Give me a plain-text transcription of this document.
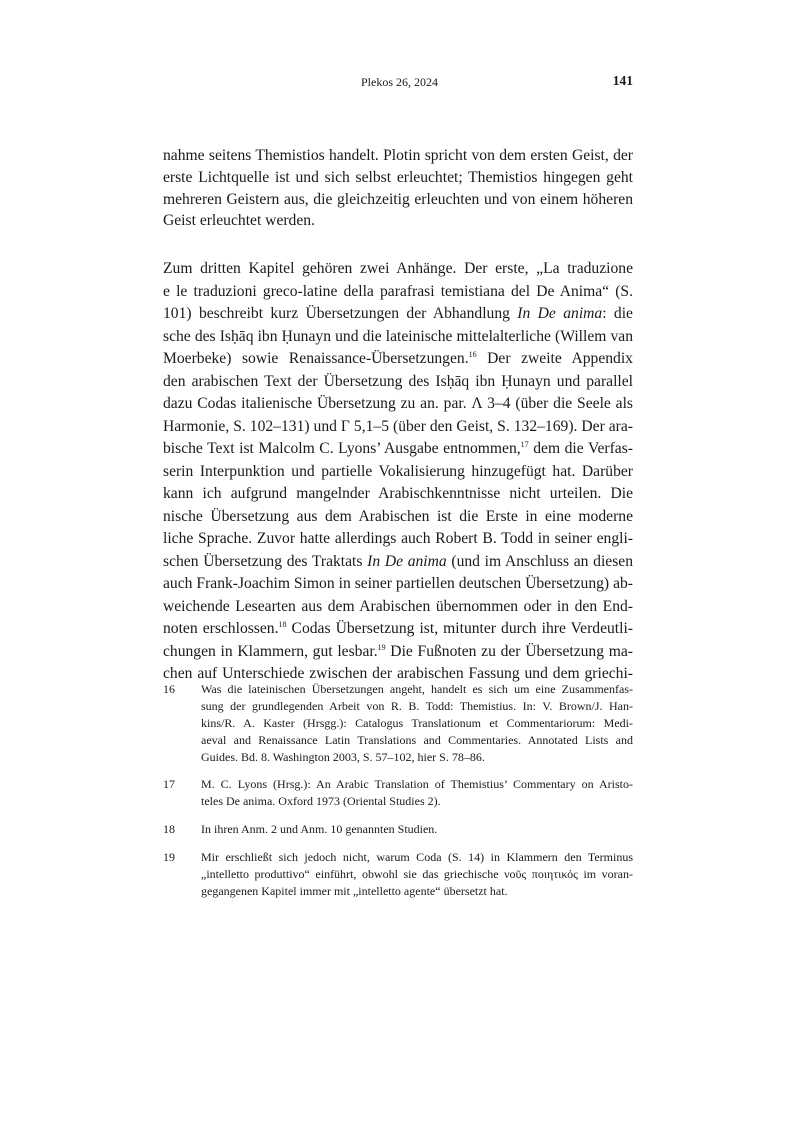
Plekos 26, 2024	141
nahme seitens Themistios handelt. Plotin spricht von dem ersten Geist, der
erste Lichtquelle ist und sich selbst erleuchtet; Themistios hingegen geht
mehreren Geistern aus, die gleichzeitig erleuchten und von einem höheren
Geist erleuchtet werden.
Zum dritten Kapitel gehören zwei Anhänge. Der erste, „La traduzione
e le traduzioni greco-latine della parafrasi temistiana del De Anima“ (S.
101) beschreibt kurz Übersetzungen der Abhandlung In De anima: die
sche des Isḥāq ibn Ḥunayn und die lateinische mittelalterliche (Willem van
Moerbeke) sowie Renaissance-Übersetzungen.$^{16}$ Der zweite Appendix
den arabischen Text der Übersetzung des Isḥāq ibn Ḥunayn und parallel
dazu Codas italienische Übersetzung zu an. par. Λ 3–4 (über die Seele als
Harmonie, S. 102–131) und Γ 5,1–5 (über den Geist, S. 132–169). Der ara-
bische Text ist Malcolm C. Lyons’ Ausgabe entnommen,$^{17}$ dem die Verfas-
serin Interpunktion und partielle Vokalisierung hinzugefügt hat. Darüber
kann ich aufgrund mangelnder Arabischkenntnisse nicht urteilen. Die
nische Übersetzung aus dem Arabischen ist die Erste in eine moderne
liche Sprache. Zuvor hatte allerdings auch Robert B. Todd in seiner engli-
schen Übersetzung des Traktats In De anima (und im Anschluss an diesen
auch Frank-Joachim Simon in seiner partiellen deutschen Übersetzung) ab-
weichende Lesearten aus dem Arabischen übernommen oder in den End-
noten erschlossen.$^{18}$ Codas Übersetzung ist, mitunter durch ihre Verdeutli-
chungen in Klammern, gut lesbar.$^{19}$ Die Fußnoten zu der Übersetzung ma-
chen auf Unterschiede zwischen der arabischen Fassung und dem griechi-
16 Was die lateinischen Übersetzungen angeht, handelt es sich um eine Zusammenfas-
sung der grundlegenden Arbeit von R. B. Todd: Themistius. In: V. Brown/J. Han-
kins/R. A. Kaster (Hrsgg.): Catalogus Translationum et Commentariorum: Medi-
aeval and Renaissance Latin Translations and Commentaries. Annotated Lists and
Guides. Bd. 8. Washington 2003, S. 57–102, hier S. 78–86.
17 M. C. Lyons (Hrsg.): An Arabic Translation of Themistius’ Commentary on Aristo-
teles De anima. Oxford 1973 (Oriental Studies 2).
18 In ihren Anm. 2 und Anm. 10 genannten Studien.
19 Mir erschließt sich jedoch nicht, warum Coda (S. 14) in Klammern den Terminus
„intelletto produttivo“ einführt, obwohl sie das griechische νοῦς ποιητικός im voran-
gegangenen Kapitel immer mit „intelletto agente“ übersetzt hat.
